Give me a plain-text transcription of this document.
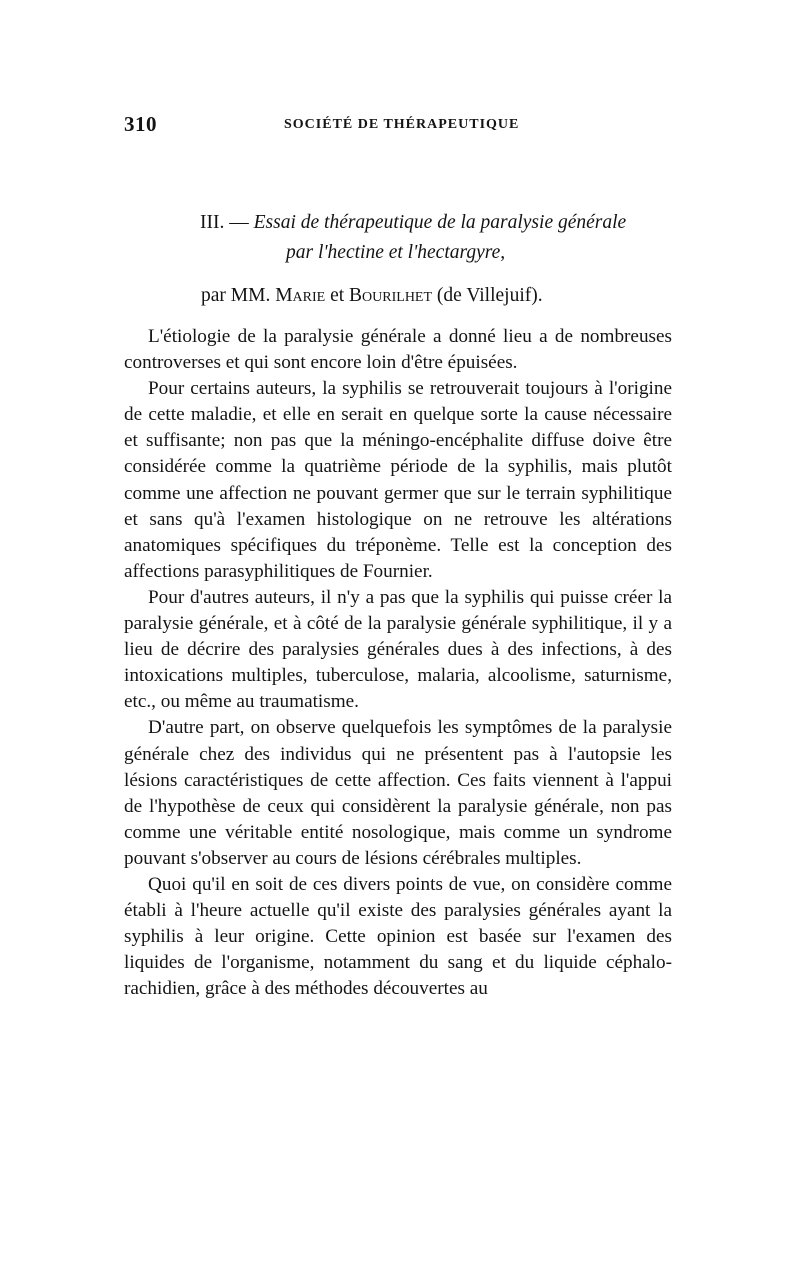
310	SOCIÉTÉ DE THÉRAPEUTIQUE
III. — Essai de thérapeutique de la paralysie générale
par l'hectine et l'hectargyre,
par MM. Marie et Bourilhet (de Villejuif).

L'étiologie de la paralysie générale a donné lieu a de nombreuses controverses et qui sont encore loin d'être épuisées.

Pour certains auteurs, la syphilis se retrouverait toujours à l'origine de cette maladie, et elle en serait en quelque sorte la cause nécessaire et suffisante; non pas que la méningo-encéphalite diffuse doive être considérée comme la quatrième période de la syphilis, mais plutôt comme une affection ne pouvant germer que sur le terrain syphilitique et sans qu'à l'examen histologique on ne retrouve les altérations anatomiques spécifiques du tréponème. Telle est la conception des affections parasyphilitiques de Fournier.

Pour d'autres auteurs, il n'y a pas que la syphilis qui puisse créer la paralysie générale, et à côté de la paralysie générale syphilitique, il y a lieu de décrire des paralysies générales dues à des infections, à des intoxications multiples, tuberculose, malaria, alcoolisme, saturnisme, etc., ou même au traumatisme.

D'autre part, on observe quelquefois les symptômes de la paralysie générale chez des individus qui ne présentent pas à l'autopsie les lésions caractéristiques de cette affection. Ces faits viennent à l'appui de l'hypothèse de ceux qui considèrent la paralysie générale, non pas comme une véritable entité nosologique, mais comme un syndrome pouvant s'observer au cours de lésions cérébrales multiples.

Quoi qu'il en soit de ces divers points de vue, on considère comme établi à l'heure actuelle qu'il existe des paralysies générales ayant la syphilis à leur origine. Cette opinion est basée sur l'examen des liquides de l'organisme, notamment du sang et du liquide céphalo-rachidien, grâce à des méthodes découvertes au
